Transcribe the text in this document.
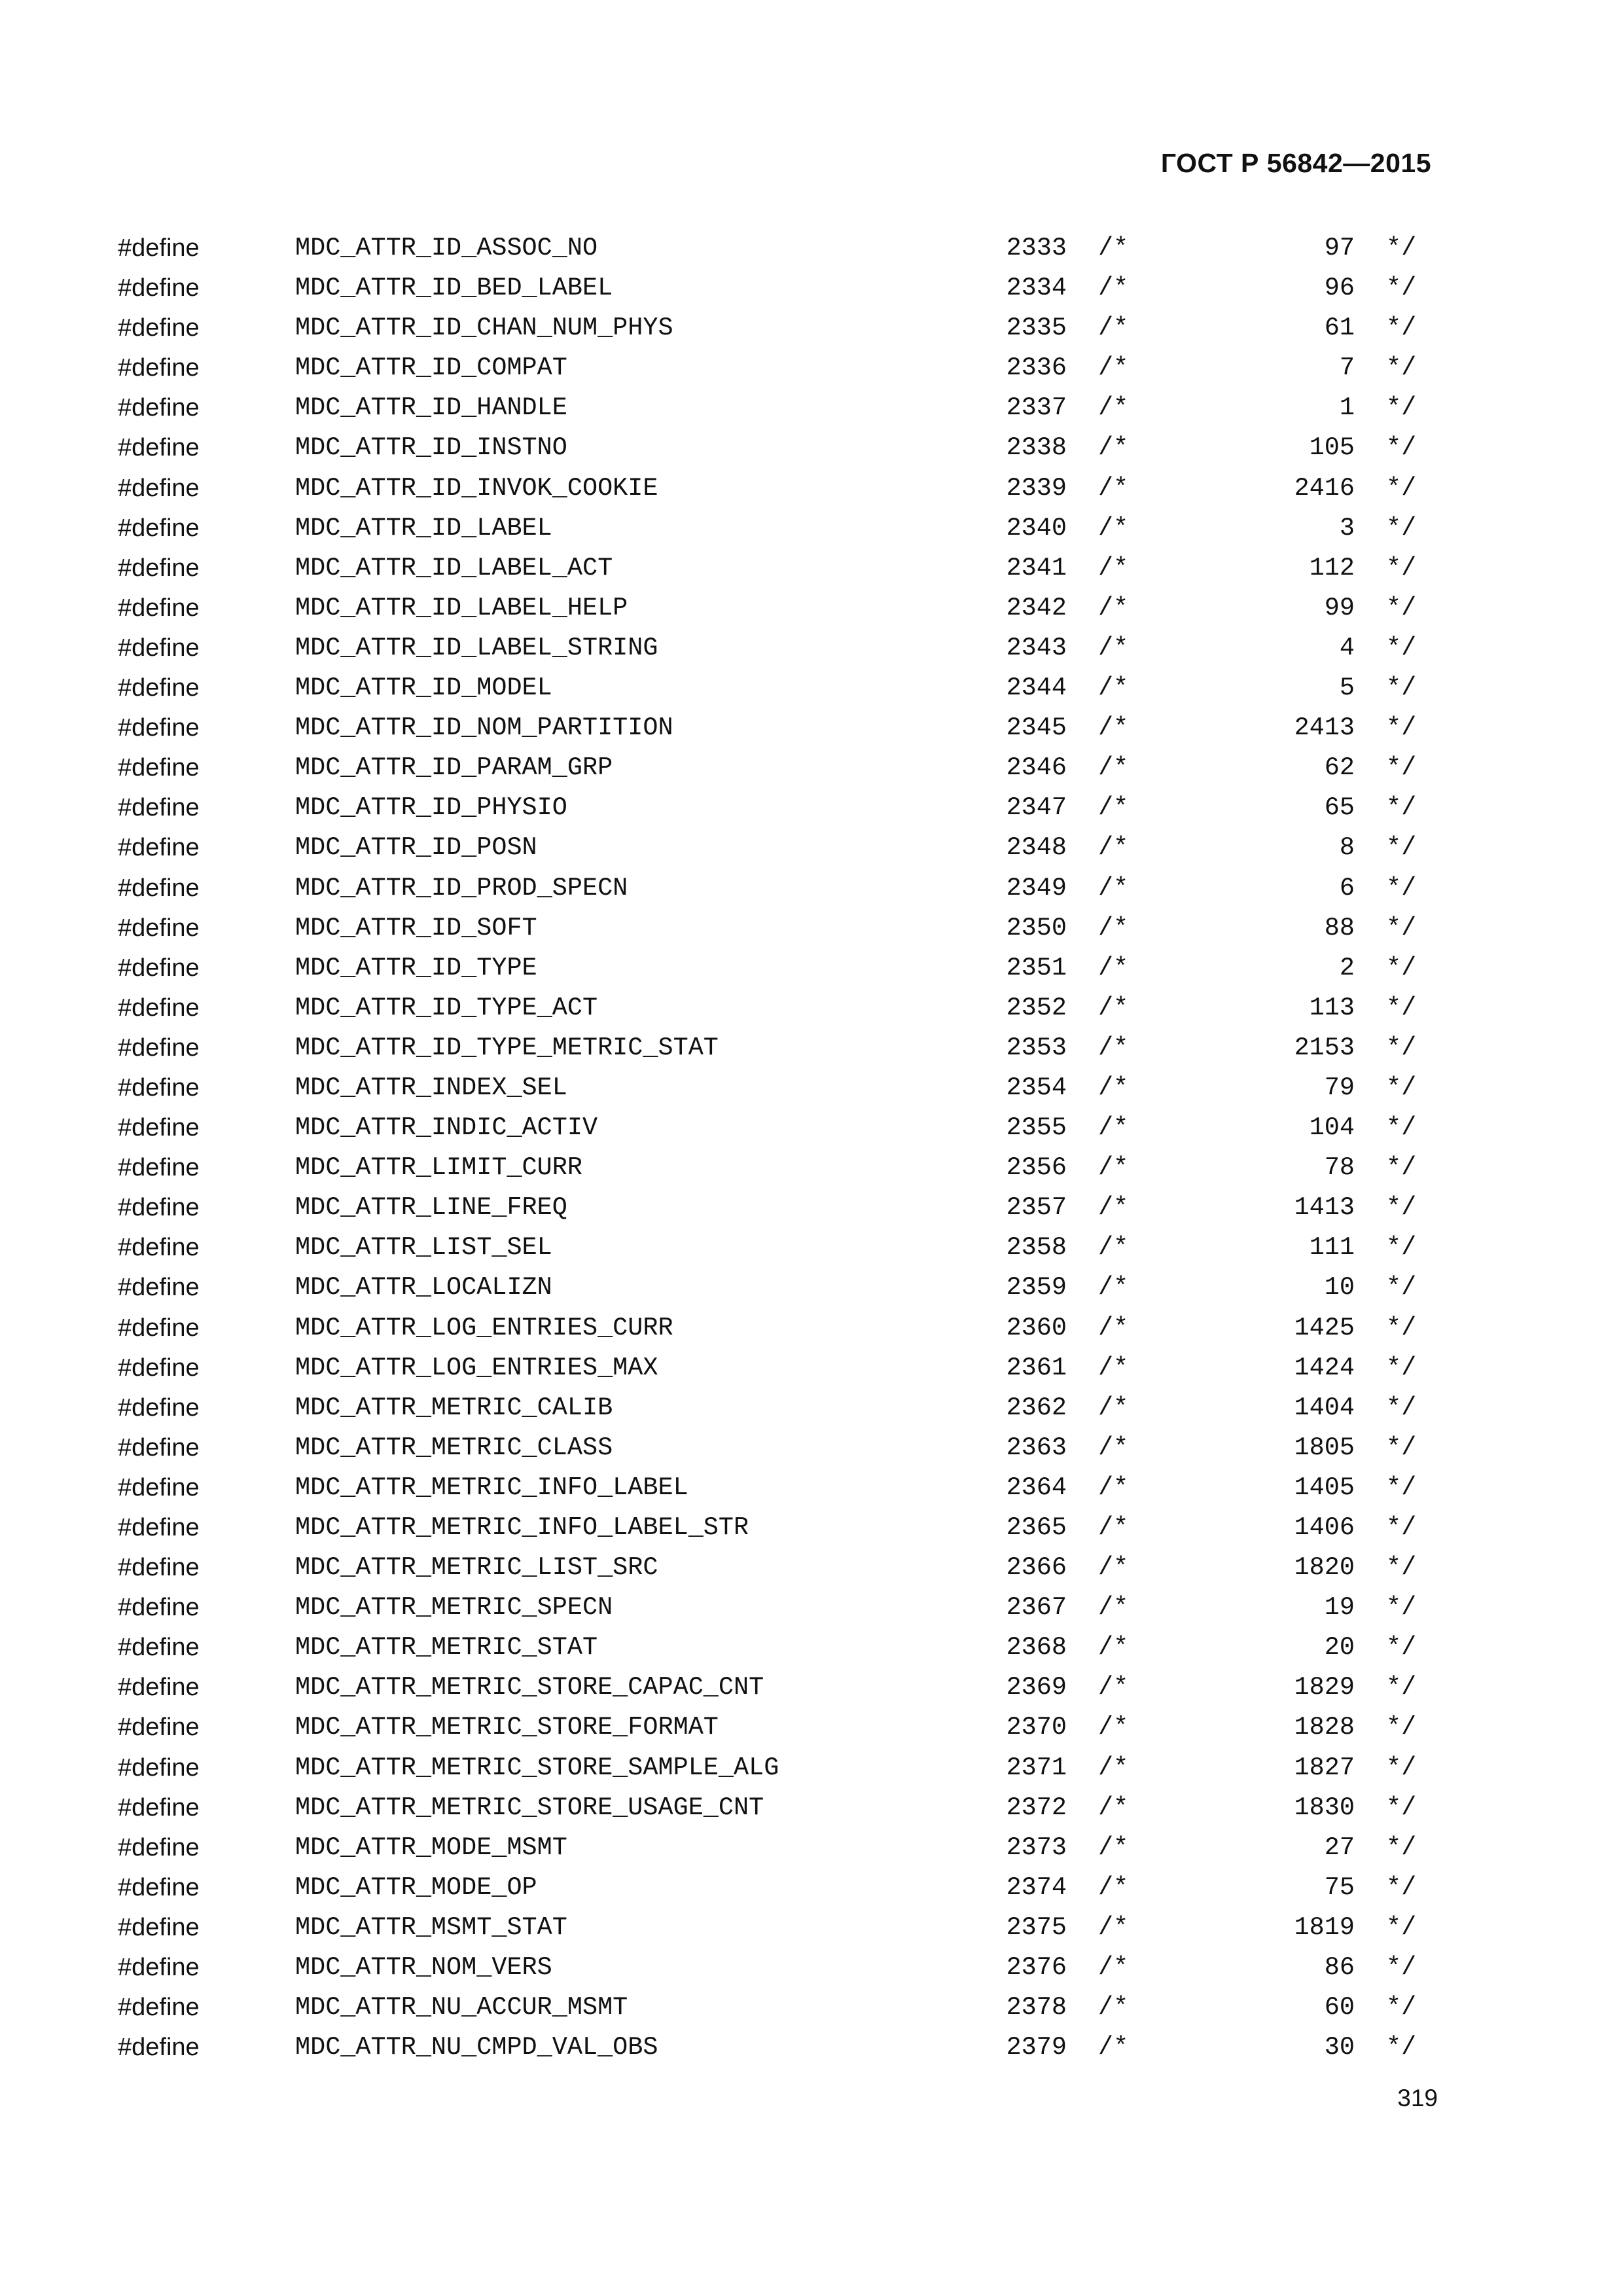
ГОСТ Р 56842—2015
#define	MDC_ATTR_ID_ASSOC_NO	2333 /*	97 */
#define	MDC_ATTR_ID_BED_LABEL	2334 /*	96 */
#define	MDC_ATTR_ID_CHAN_NUM_PHYS	2335 /*	61 */
#define	MDC_ATTR_ID_COMPAT	2336 /*	7 */
#define	MDC_ATTR_ID_HANDLE	2337 /*	1 */
#define	MDC_ATTR_ID_INSTNO	2338 /*	105 */
#define	MDC_ATTR_ID_INVOK_COOKIE	2339 /*	2416 */
#define	MDC_ATTR_ID_LABEL	2340 /*	3 */
#define	MDC_ATTR_ID_LABEL_ACT	2341 /*	112 */
#define	MDC_ATTR_ID_LABEL_HELP	2342 /*	99 */
#define	MDC_ATTR_ID_LABEL_STRING	2343 /*	4 */
#define	MDC_ATTR_ID_MODEL	2344 /*	5 */
#define	MDC_ATTR_ID_NOM_PARTITION	2345 /*	2413 */
#define	MDC_ATTR_ID_PARAM_GRP	2346 /*	62 */
#define	MDC_ATTR_ID_PHYSIO	2347 /*	65 */
#define	MDC_ATTR_ID_POSN	2348 /*	8 */
#define	MDC_ATTR_ID_PROD_SPECN	2349 /*	6 */
#define	MDC_ATTR_ID_SOFT	2350 /*	88 */
#define	MDC_ATTR_ID_TYPE	2351 /*	2 */
#define	MDC_ATTR_ID_TYPE_ACT	2352 /*	113 */
#define	MDC_ATTR_ID_TYPE_METRIC_STAT	2353 /*	2153 */
#define	MDC_ATTR_INDEX_SEL	2354 /*	79 */
#define	MDC_ATTR_INDIC_ACTIV	2355 /*	104 */
#define	MDC_ATTR_LIMIT_CURR	2356 /*	78 */
#define	MDC_ATTR_LINE_FREQ	2357 /*	1413 */
#define	MDC_ATTR_LIST_SEL	2358 /*	111 */
#define	MDC_ATTR_LOCALIZN	2359 /*	10 */
#define	MDC_ATTR_LOG_ENTRIES_CURR	2360 /*	1425 */
#define	MDC_ATTR_LOG_ENTRIES_MAX	2361 /*	1424 */
#define	MDC_ATTR_METRIC_CALIB	2362 /*	1404 */
#define	MDC_ATTR_METRIC_CLASS	2363 /*	1805 */
#define	MDC_ATTR_METRIC_INFO_LABEL	2364 /*	1405 */
#define	MDC_ATTR_METRIC_INFO_LABEL_STR	2365 /*	1406 */
#define	MDC_ATTR_METRIC_LIST_SRC	2366 /*	1820 */
#define	MDC_ATTR_METRIC_SPECN	2367 /*	19 */
#define	MDC_ATTR_METRIC_STAT	2368 /*	20 */
#define	MDC_ATTR_METRIC_STORE_CAPAC_CNT	2369 /*	1829 */
#define	MDC_ATTR_METRIC_STORE_FORMAT	2370 /*	1828 */
#define	MDC_ATTR_METRIC_STORE_SAMPLE_ALG	2371 /*	1827 */
#define	MDC_ATTR_METRIC_STORE_USAGE_CNT	2372 /*	1830 */
#define	MDC_ATTR_MODE_MSMT	2373 /*	27 */
#define	MDC_ATTR_MODE_OP	2374 /*	75 */
#define	MDC_ATTR_MSMT_STAT	2375 /*	1819 */
#define	MDC_ATTR_NOM_VERS	2376 /*	86 */
#define	MDC_ATTR_NU_ACCUR_MSMT	2378 /*	60 */
#define	MDC_ATTR_NU_CMPD_VAL_OBS	2379 /*	30 */
319
